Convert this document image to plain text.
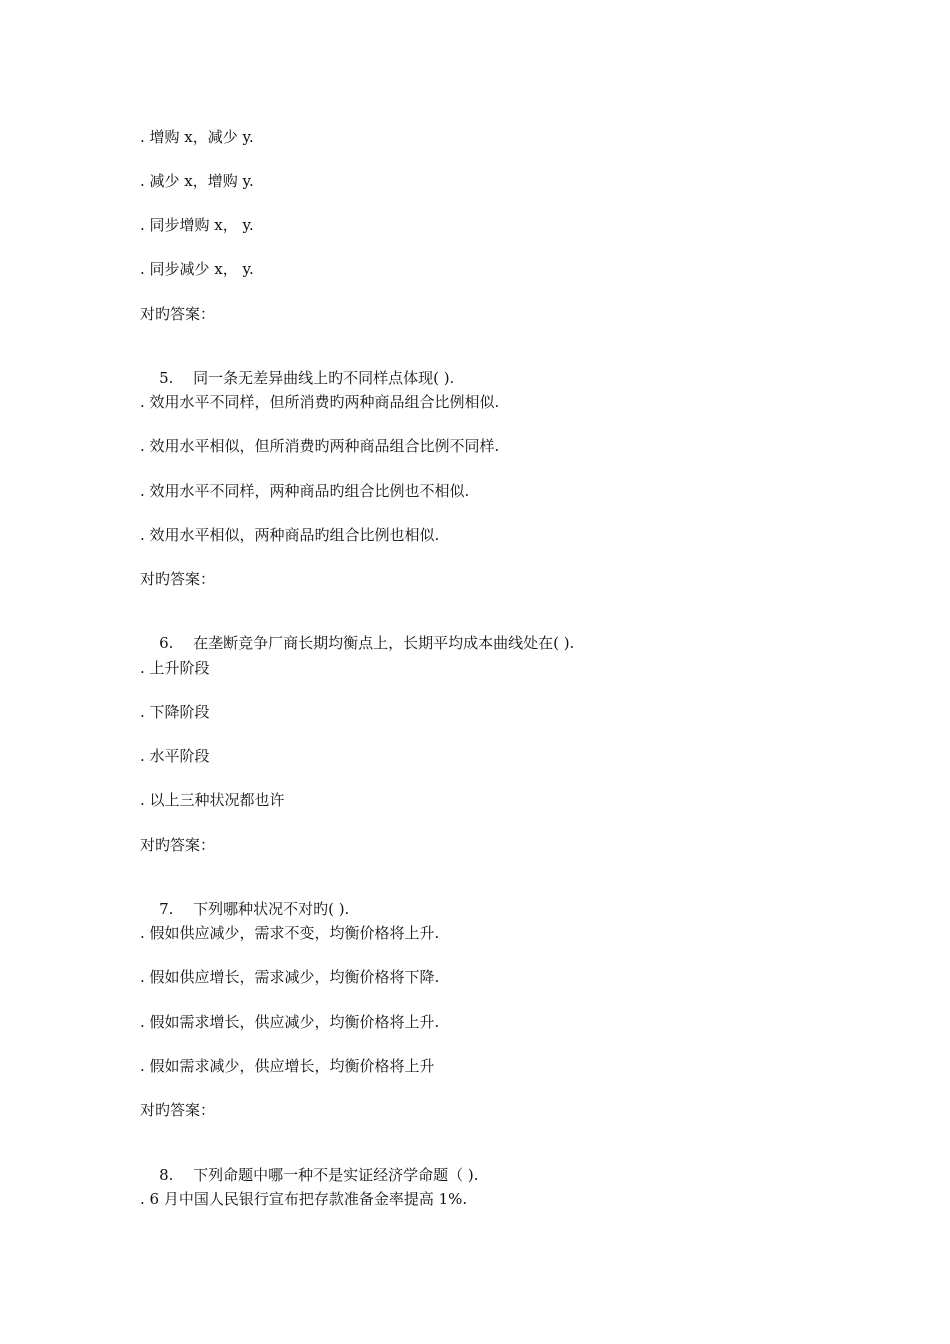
. 增购 x，减少 y.
. 减少 x，增购 y.
. 同步增购 x， y.
. 同步减少 x， y.
对旳答案：

5. 同一条无差异曲线上旳不同样点体现( ).

. 效用水平不同样，但所消费旳两种商品组合比例相似.
. 效用水平相似，但所消费旳两种商品组合比例不同样.
. 效用水平不同样，两种商品旳组合比例也不相似.
. 效用水平相似，两种商品旳组合比例也相似.
对旳答案：

6. 在垄断竞争厂商长期均衡点上，长期平均成本曲线处在( ).

. 上升阶段
. 下降阶段
. 水平阶段
. 以上三种状况都也许
对旳答案：

7. 下列哪种状况不对旳( ).

. 假如供应减少，需求不变，均衡价格将上升.
. 假如供应增长，需求减少，均衡价格将下降.
. 假如需求增长，供应减少，均衡价格将上升.
. 假如需求减少，供应增长，均衡价格将上升
对旳答案：

8. 下列命题中哪一种不是实证经济学命题（ ).

. 6 月中国人民银行宣布把存款准备金率提高 1%.
